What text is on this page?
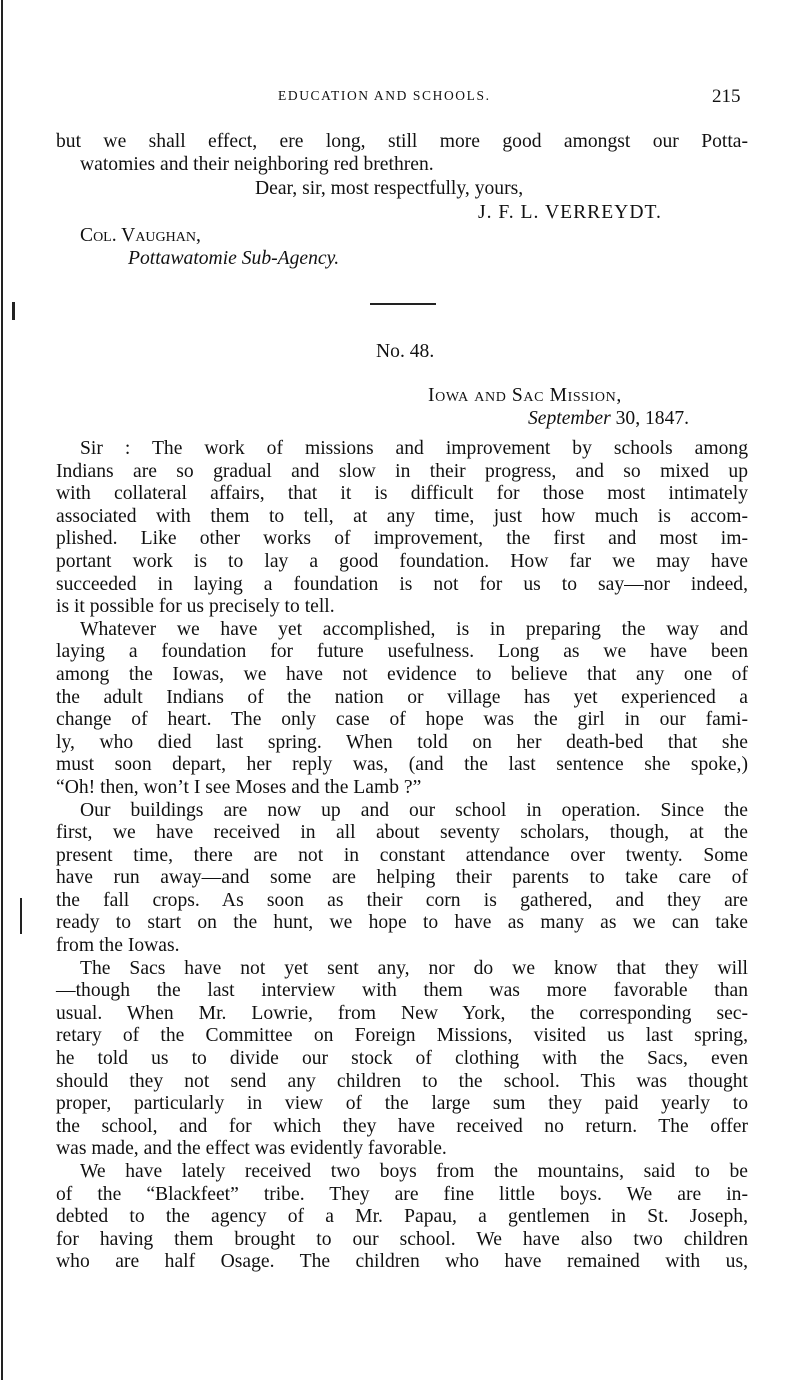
EDUCATION AND SCHOOLS.	215
but we shall effect, ere long, still more good amongst our Potta-
watomies and their neighboring red brethren.
Dear, sir, most respectfully, yours,
J. F. L. VERREYDT.
Col. Vaughan,
Pottawatomie Sub-Agency.
No. 48.
Iowa and Sac Mission,
September 30, 1847.
Sir : The work of missions and improvement by schools among
Indians are so gradual and slow in their progress, and so mixed up
with collateral affairs, that it is difficult for those most intimately
associated with them to tell, at any time, just how much is accom-
plished. Like other works of improvement, the first and most im-
portant work is to lay a good foundation. How far we may have
succeeded in laying a foundation is not for us to say—nor indeed,
is it possible for us precisely to tell.
Whatever we have yet accomplished, is in preparing the way and
laying a foundation for future usefulness. Long as we have been
among the Iowas, we have not evidence to believe that any one of
the adult Indians of the nation or village has yet experienced a
change of heart. The only case of hope was the girl in our fami-
ly, who died last spring. When told on her death-bed that she
must soon depart, her reply was, (and the last sentence she spoke,)
“Oh! then, won’t I see Moses and the Lamb ?”
Our buildings are now up and our school in operation. Since the
first, we have received in all about seventy scholars, though, at the
present time, there are not in constant attendance over twenty. Some
have run away—and some are helping their parents to take care of
the fall crops. As soon as their corn is gathered, and they are
ready to start on the hunt, we hope to have as many as we can take
from the Iowas.
The Sacs have not yet sent any, nor do we know that they will
—though the last interview with them was more favorable than
usual. When Mr. Lowrie, from New York, the corresponding sec-
retary of the Committee on Foreign Missions, visited us last spring,
he told us to divide our stock of clothing with the Sacs, even
should they not send any children to the school. This was thought
proper, particularly in view of the large sum they paid yearly to
the school, and for which they have received no return. The offer
was made, and the effect was evidently favorable.
We have lately received two boys from the mountains, said to be
of the “Blackfeet” tribe. They are fine little boys. We are in-
debted to the agency of a Mr. Papau, a gentlemen in St. Joseph,
for having them brought to our school. We have also two children
who are half Osage. The children who have remained with us,
